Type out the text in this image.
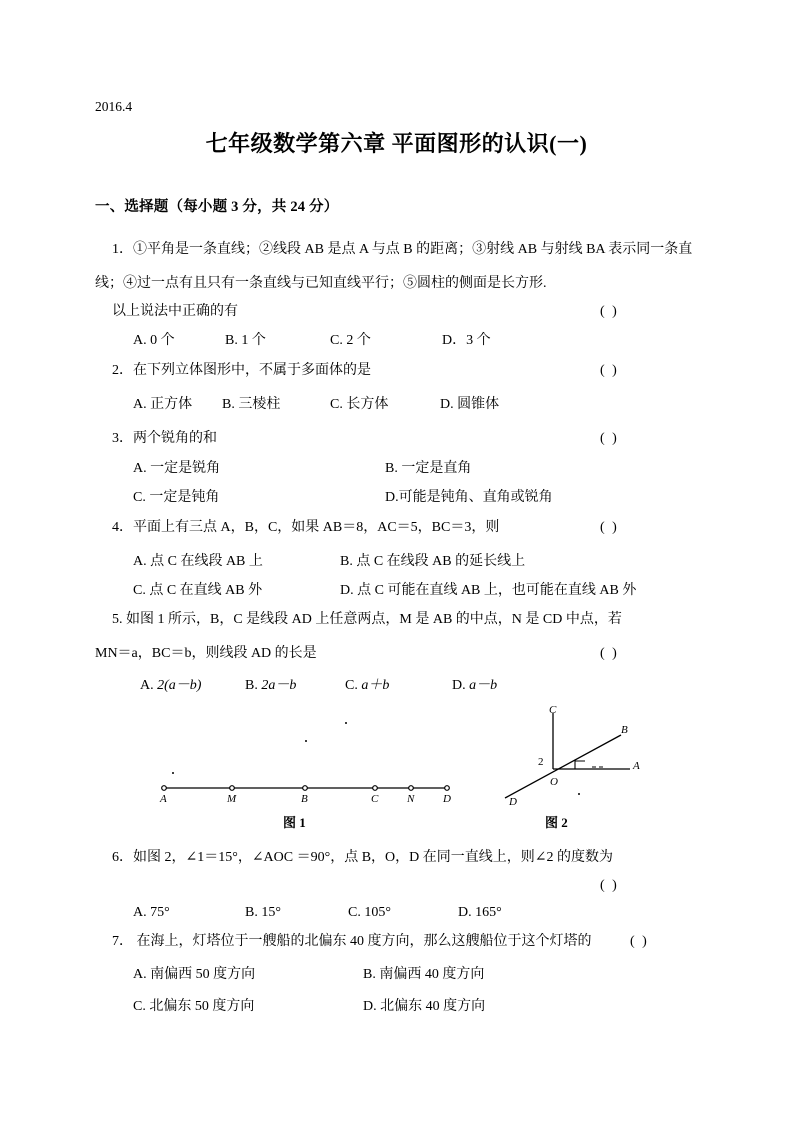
2016.4
七年级数学第六章 平面图形的认识(一)
一、选择题（每小题 3 分，共 24 分）
1．①平角是一条直线；②线段 AB 是点 A 与点 B 的距离；③射线 AB 与射线 BA 表示同一条直
线；④过一点有且只有一条直线与已知直线平行；⑤圆柱的侧面是长方形.
以上说法中正确的有	( )
A. 0 个	B. 1 个	C. 2 个	D．3 个
2．在下列立体图形中，不属于多面体的是	( )
A. 正方体 B. 三棱柱	C. 长方体	D. 圆锥体
3．两个锐角的和	( )
A. 一定是锐角	B. 一定是直角
C. 一定是钝角	D.可能是钝角、直角或锐角
4．平面上有三点 A，B，C，如果 AB＝8，AC＝5，BC＝3，则	( )
A. 点 C 在线段 AB 上	B. 点 C 在线段 AB 的延长线上
C. 点 C 在直线 AB 外	D. 点 C 可能在直线 AB 上，也可能在直线 AB 外
5. 如图 1 所示，B，C 是线段 AD 上任意两点，M 是 AB 的中点，N 是 CD 中点，若
MN＝a，BC＝b，则线段 AD 的长是	( )
A. 2(a－b)	B. 2a－b	C. a＋b	D. a－b
A	M	B	C	N	D
图 1
C
B
A
O
D
2
图 2
6．如图 2，∠1＝15°，∠AOC ＝90°，点 B，O，D 在同一直线上，则∠2 的度数为
( )
A. 75°	B. 15°	C. 105°	D. 165°
7． 在海上，灯塔位于一艘船的北偏东 40 度方向，那么这艘船位于这个灯塔的	( )
A. 南偏西 50 度方向	B. 南偏西 40 度方向
C. 北偏东 50 度方向	D. 北偏东 40 度方向
